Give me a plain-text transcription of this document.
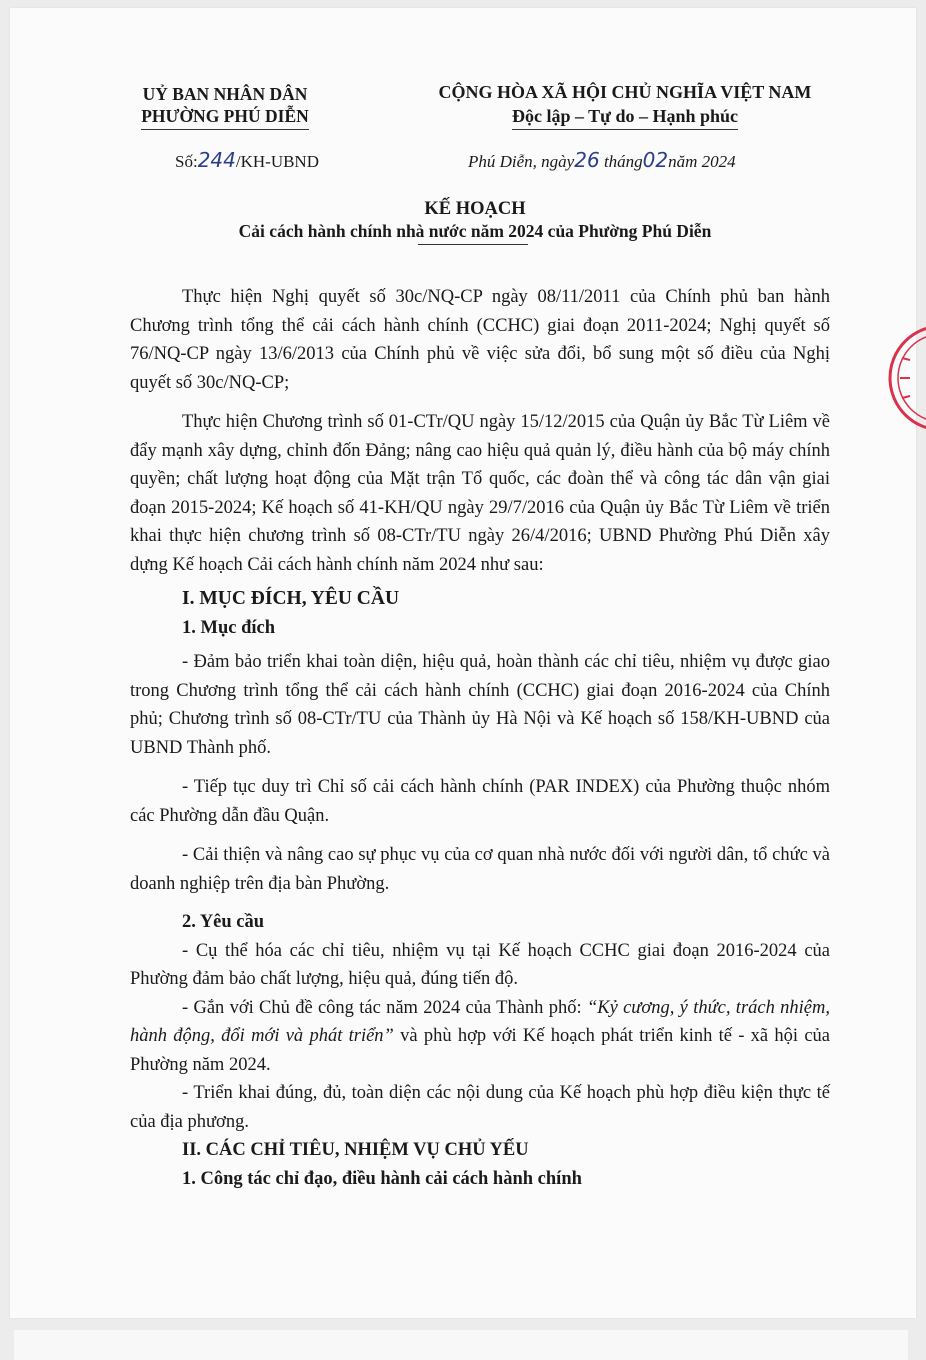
UỶ BAN NHÂN DÂN
PHƯỜNG PHÚ DIỄN
CỘNG HÒA XÃ HỘI CHỦ NGHĨA VIỆT NAM
Độc lập – Tự do – Hạnh phúc
Số:244/KH-UBND	Phú Diễn, ngày26 tháng02năm 2024
KẾ HOẠCH
Cải cách hành chính nhà nước năm 2024 của Phường Phú Diễn

Thực hiện Nghị quyết số 30c/NQ-CP ngày 08/11/2011 của Chính phủ ban hành Chương trình tổng thể cải cách hành chính (CCHC) giai đoạn 2011-2024; Nghị quyết số 76/NQ-CP ngày 13/6/2013 của Chính phủ về việc sửa đổi, bổ sung một số điều của Nghị quyết số 30c/NQ-CP;

Thực hiện Chương trình số 01-CTr/QU ngày 15/12/2015 của Quận ủy Bắc Từ Liêm về đẩy mạnh xây dựng, chỉnh đốn Đảng; nâng cao hiệu quả quản lý, điều hành của bộ máy chính quyền; chất lượng hoạt động của Mặt trận Tổ quốc, các đoàn thể và công tác dân vận giai đoạn 2015-2024; Kế hoạch số 41-KH/QU ngày 29/7/2016 của Quận ủy Bắc Từ Liêm về triển khai thực hiện chương trình số 08-CTr/TU ngày 26/4/2016; UBND Phường Phú Diễn xây dựng Kế hoạch Cải cách hành chính năm 2024 như sau:

I. MỤC ĐÍCH, YÊU CẦU
1. Mục đích

- Đảm bảo triển khai toàn diện, hiệu quả, hoàn thành các chỉ tiêu, nhiệm vụ được giao trong Chương trình tổng thể cải cách hành chính (CCHC) giai đoạn 2016-2024 của Chính phủ; Chương trình số 08-CTr/TU của Thành ủy Hà Nội và Kế hoạch số 158/KH-UBND của UBND Thành phố.

- Tiếp tục duy trì Chỉ số cải cách hành chính (PAR INDEX) của Phường thuộc nhóm các Phường dẫn đầu Quận.

- Cải thiện và nâng cao sự phục vụ của cơ quan nhà nước đối với người dân, tổ chức và doanh nghiệp trên địa bàn Phường.

2. Yêu cầu

- Cụ thể hóa các chỉ tiêu, nhiệm vụ tại Kế hoạch CCHC giai đoạn 2016-2024 của Phường đảm bảo chất lượng, hiệu quả, đúng tiến độ.

- Gắn với Chủ đề công tác năm 2024 của Thành phố: “Kỷ cương, ý thức, trách nhiệm, hành động, đổi mới và phát triển” và phù hợp với Kế hoạch phát triển kinh tế - xã hội của Phường năm 2024.

- Triển khai đúng, đủ, toàn diện các nội dung của Kế hoạch phù hợp điều kiện thực tế của địa phương.

II. CÁC CHỈ TIÊU, NHIỆM VỤ CHỦ YẾU
1. Công tác chỉ đạo, điều hành cải cách hành chính
